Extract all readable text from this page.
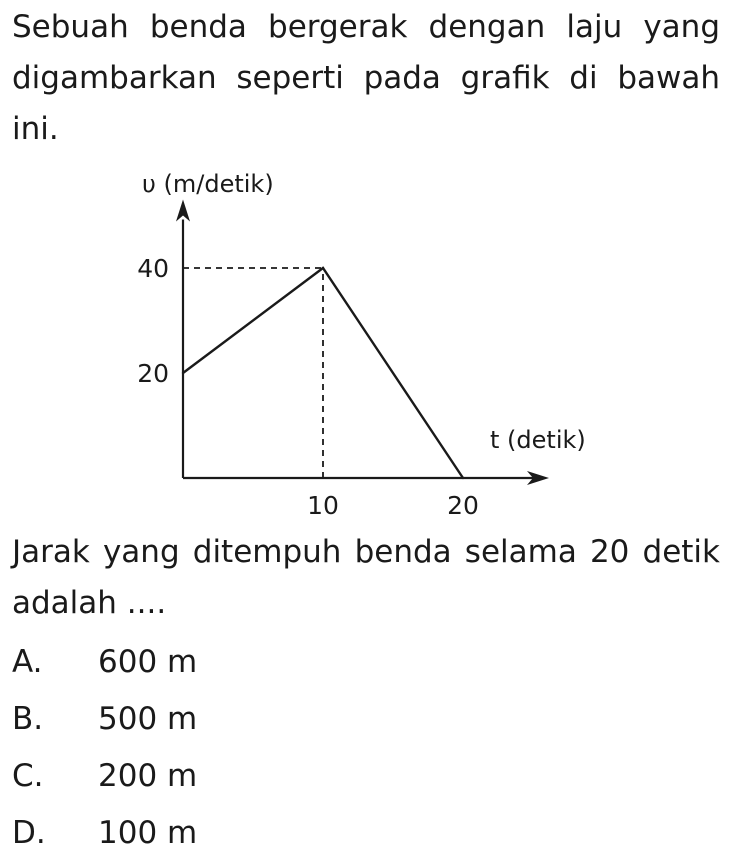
Sebuah benda bergerak dengan laju yang digambarkan seperti pada grafik di bawah ini.
10	20
20
40
υ (m/detik)
t (detik)
Jarak yang ditempuh benda selama 20 detik adalah ....
A. 600 m
B. 500 m
C. 200 m
D. 100 m
